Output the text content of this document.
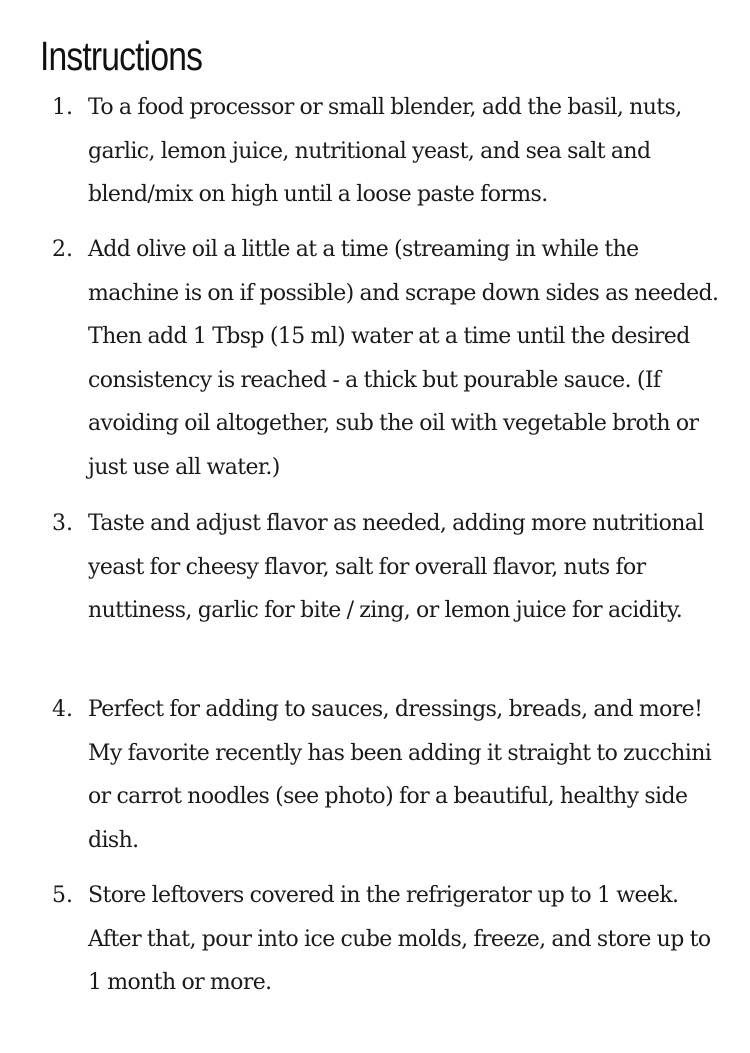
Instructions
1. To a food processor or small blender, add the basil, nuts, garlic, lemon juice, nutritional yeast, and sea salt and blend/mix on high until a loose paste forms.
2. Add olive oil a little at a time (streaming in while the machine is on if possible) and scrape down sides as needed. Then add 1 Tbsp (15 ml) water at a time until the desired consistency is reached - a thick but pourable sauce. (If avoiding oil altogether, sub the oil with vegetable broth or just use all water.)
3. Taste and adjust flavor as needed, adding more nutritional yeast for cheesy flavor, salt for overall flavor, nuts for nuttiness, garlic for bite / zing, or lemon juice for acidity.
4. Perfect for adding to sauces, dressings, breads, and more! My favorite recently has been adding it straight to zucchini or carrot noodles (see photo) for a beautiful, healthy side dish.
5. Store leftovers covered in the refrigerator up to 1 week. After that, pour into ice cube molds, freeze, and store up to 1 month or more.
